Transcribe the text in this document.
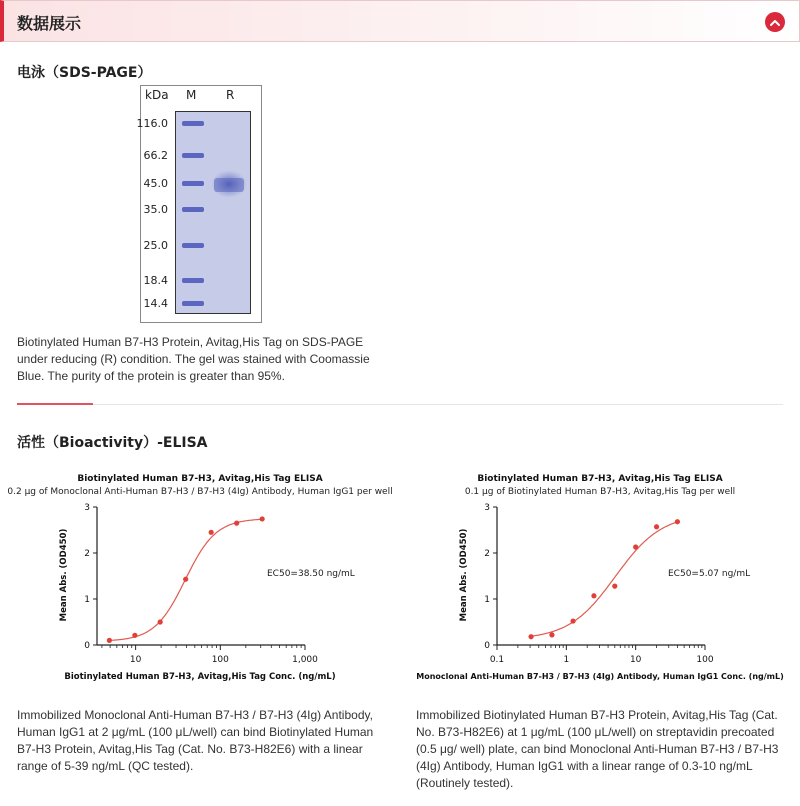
数据展示
电泳（SDS-PAGE）
kDa M R
116.0
66.2
45.0
35.0
25.0
18.4
14.4

Biotinylated Human B7-H3 Protein, Avitag,His Tag on SDS-PAGE under reducing (R) condition. The gel was stained with Coomassie Blue. The purity of the protein is greater than 95%.

活性（Bioactivity）-ELISA
Biotinylated Human B7-H3, Avitag,His Tag ELISA
0.2 μg of Monoclonal Anti-Human B7-H3 / B7-H3 (4Ig) Antibody, Human IgG1 per well
EC50=38.50 ng/mL
Biotinylated Human B7-H3, Avitag,His Tag Conc. (ng/mL)
Mean Abs. (OD450)
0
1
2
3
10	100	1,000
Biotinylated Human B7-H3, Avitag,His Tag ELISA
0.1 μg of Biotinylated Human B7-H3, Avitag,His Tag per well
EC50=5.07 ng/mL
Monoclonal Anti-Human B7-H3 / B7-H3 (4Ig) Antibody, Human IgG1 Conc. (ng/mL)
Mean Abs. (OD450)
0
1
2
3
0.1	1	10	100

Immobilized Monoclonal Anti-Human B7-H3 / B7-H3 (4Ig) Antibody, Human IgG1 at 2 μg/mL (100 μL/well) can bind Biotinylated Human B7-H3 Protein, Avitag,His Tag (Cat. No. B73-H82E6) with a linear range of 5-39 ng/mL (QC tested).

Immobilized Biotinylated Human B7-H3 Protein, Avitag,His Tag (Cat. No. B73-H82E6) at 1 μg/mL (100 μL/well) on streptavidin precoated (0.5 μg/ well) plate, can bind Monoclonal Anti-Human B7-H3 / B7-H3 (4Ig) Antibody, Human IgG1 with a linear range of 0.3-10 ng/mL (Routinely tested).
